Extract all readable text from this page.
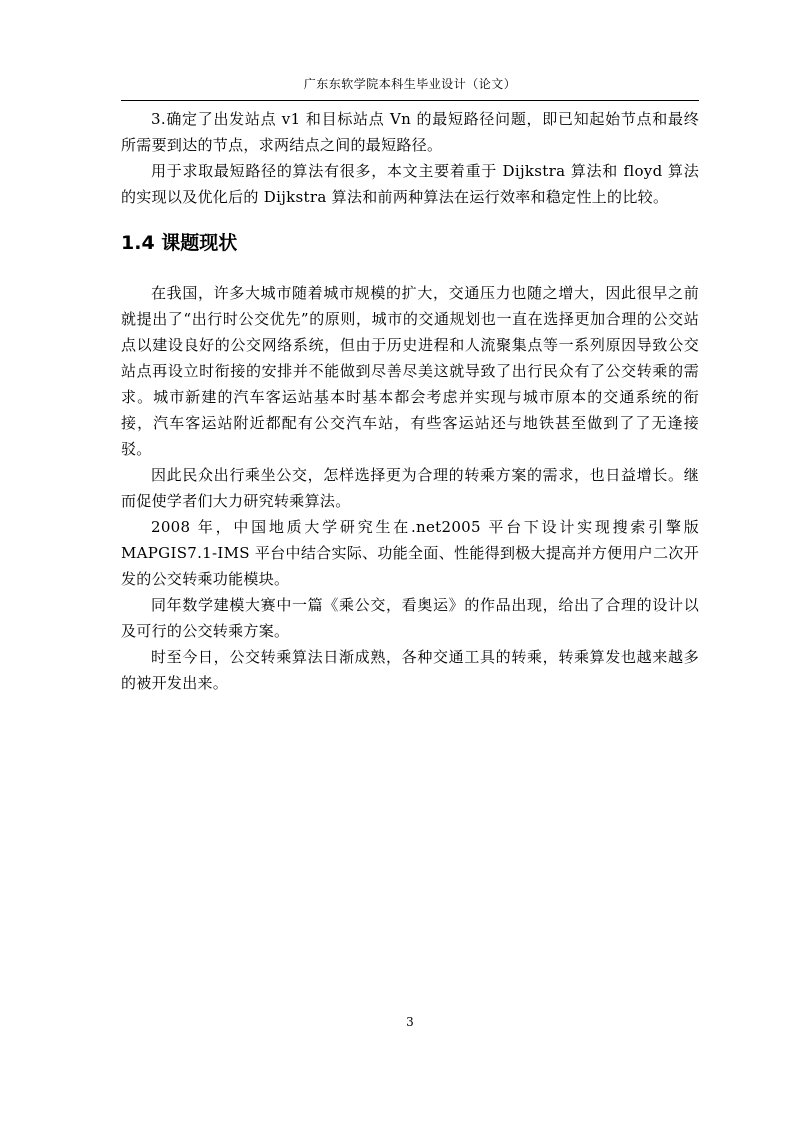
广东东软学院本科生毕业设计（论文）

3.确定了出发站点 v1 和目标站点 Vn 的最短路径问题，即已知起始节点和最终所需要到达的节点，求两结点之间的最短路径。

用于求取最短路径的算法有很多，本文主要着重于 Dijkstra 算法和 floyd 算法的实现以及优化后的 Dijkstra 算法和前两种算法在运行效率和稳定性上的比较。

1.4 课题现状

在我国，许多大城市随着城市规模的扩大，交通压力也随之增大，因此很早之前就提出了“出行时公交优先”的原则，城市的交通规划也一直在选择更加合理的公交站点以建设良好的公交网络系统，但由于历史进程和人流聚集点等一系列原因导致公交站点再设立时衔接的安排并不能做到尽善尽美这就导致了出行民众有了公交转乘的需求。城市新建的汽车客运站基本时基本都会考虑并实现与城市原本的交通系统的衔接，汽车客运站附近都配有公交汽车站，有些客运站还与地铁甚至做到了了无逢接驳。

因此民众出行乘坐公交，怎样选择更为合理的转乘方案的需求，也日益增长。继而促使学者们大力研究转乘算法。

2008 年，中国地质大学研究生在.net2005 平台下设计实现搜索引擎版 MAPGIS7.1-IMS 平台中结合实际、功能全面、性能得到极大提高并方便用户二次开发的公交转乘功能模块。

同年数学建模大赛中一篇《乘公交，看奥运》的作品出现，给出了合理的设计以及可行的公交转乘方案。

时至今日，公交转乘算法日渐成熟，各种交通工具的转乘，转乘算发也越来越多的被开发出来。

3
